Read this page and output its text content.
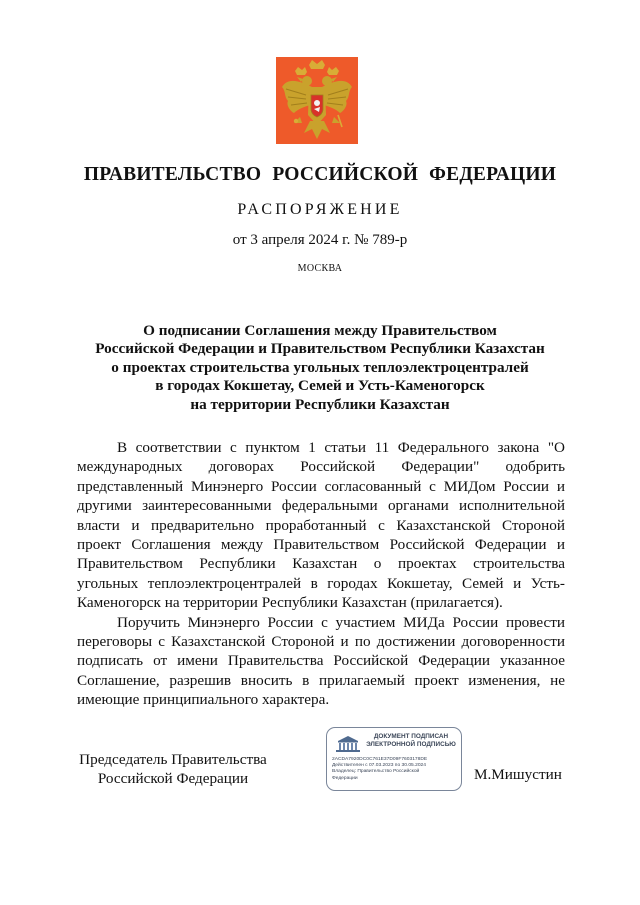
ПРАВИТЕЛЬСТВО РОССИЙСКОЙ ФЕДЕРАЦИИ
РАСПОРЯЖЕНИЕ
от 3 апреля 2024 г. № 789-р
МОСКВА
О подписании Соглашения между Правительством
Российской Федерации и Правительством Республики Казахстан
о проектах строительства угольных теплоэлектроцентралей
в городах Кокшетау, Семей и Усть-Каменогорск
на территории Республики Казахстан

В соответствии с пунктом 1 статьи 11 Федерального закона "О международных договорах Российской Федерации" одобрить представленный Минэнерго России согласованный с МИДом России и другими заинтересованными федеральными органами исполнительной власти и предварительно проработанный с Казахстанской Стороной проект Соглашения между Правительством Российской Федерации и Правительством Республики Казахстан о проектах строительства угольных теплоэлектроцентралей в городах Кокшетау, Семей и Усть-Каменогорск на территории Республики Казахстан (прилагается).

Поручить Минэнерго России с участием МИДа России провести переговоры с Казахстанской Стороной и по достижении договоренности подписать от имени Правительства Российской Федерации указанное Соглашение, разрешив вносить в прилагаемый проект изменения, не имеющие принципиального характера.

Председатель Правительства
Российской Федерации
ДОКУМЕНТ ПОДПИСАН
ЭЛЕКТРОННОЙ ПОДПИСЬЮ
2ACDA7920DC0C761E37D09F7603178DE
Действителен с 07.03.2023 по 30.05.2024
Владелец: Правительство Российской
Федерации	М.Мишустин
